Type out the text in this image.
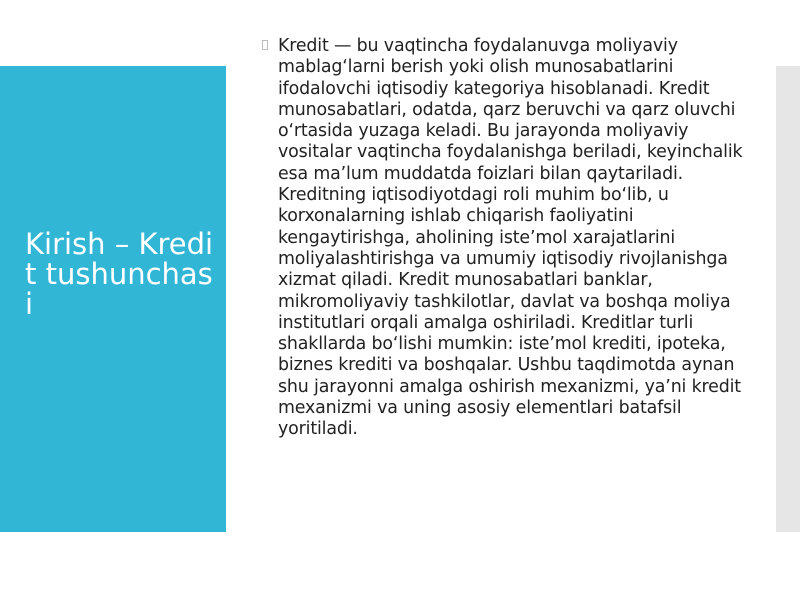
Kirish – Kredit tushunchasi

Kredit — bu vaqtincha foydalanuvga moliyaviy mablag‘larni berish yoki olish munosabatlarini ifodalovchi iqtisodiy kategoriya hisoblanadi. Kredit munosabatlari, odatda, qarz beruvchi va qarz oluvchi o‘rtasida yuzaga keladi. Bu jarayonda moliyaviy vositalar vaqtincha foydalanishga beriladi, keyinchalik esa ma’lum muddatda foizlari bilan qaytariladi. Kreditning iqtisodiyotdagi roli muhim bo‘lib, u korxonalarning ishlab chiqarish faoliyatini kengaytirishga, aholining iste’mol xarajatlarini moliyalashtirishga va umumiy iqtisodiy rivojlanishga xizmat qiladi. Kredit munosabatlari banklar, mikromoliyaviy tashkilotlar, davlat va boshqa moliya institutlari orqali amalga oshiriladi. Kreditlar turli shakllarda bo‘lishi mumkin: iste’mol krediti, ipoteka, biznes krediti va boshqalar. Ushbu taqdimotda aynan shu jarayonni amalga oshirish mexanizmi, ya’ni kredit mexanizmi va uning asosiy elementlari batafsil yoritiladi.
